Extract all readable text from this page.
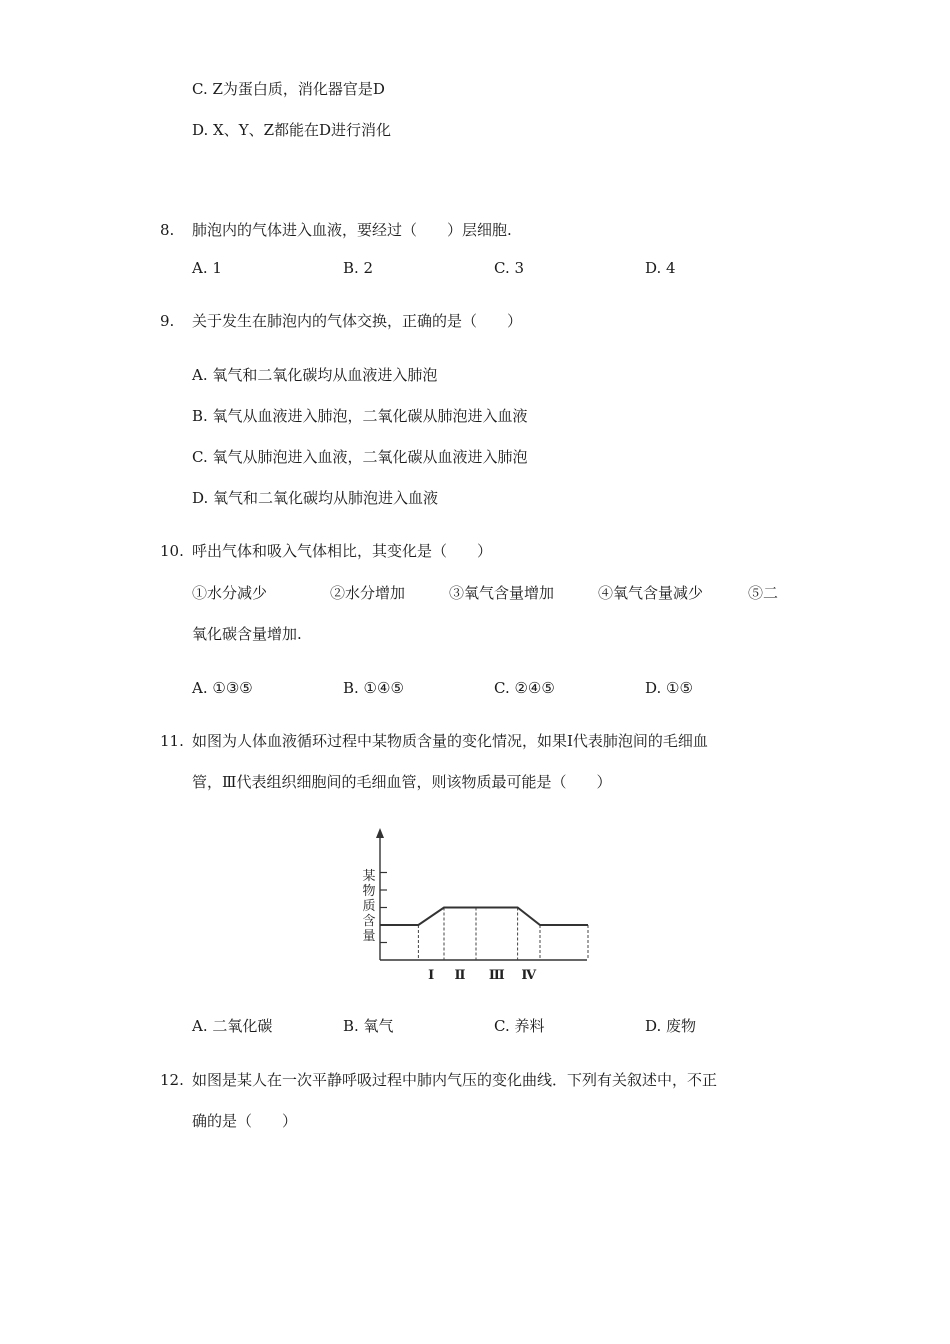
C. Z为蛋白质，消化器官是D
D. X、Y、Z都能在D进行消化
8. 肺泡内的气体进入血液，要经过（　　）层细胞.
A. 1	B. 2	C. 3	D. 4
9. 关于发生在肺泡内的气体交换，正确的是（　　）
A. 氧气和二氧化碳均从血液进入肺泡
B. 氧气从血液进入肺泡，二氧化碳从肺泡进入血液
C. 氧气从肺泡进入血液，二氧化碳从血液进入肺泡
D. 氧气和二氧化碳均从肺泡进入血液
10. 呼出气体和吸入气体相比，其变化是（　　）
①水分减少	②水分增加	③氧气含量增加	④氧气含量减少	⑤二
氧化碳含量增加.
A. ①③⑤	B. ①④⑤	C. ②④⑤	D. ①⑤
11. 如图为人体血液循环过程中某物质含量的变化情况，如果Ⅰ代表肺泡间的毛细血
管，Ⅲ代表组织细胞间的毛细血管，则该物质最可能是（　　）
某
物
质
含
量
Ⅰ Ⅱ Ⅲ Ⅳ
A. 二氧化碳	B. 氧气	C. 养料	D. 废物
12. 如图是某人在一次平静呼吸过程中肺内气压的变化曲线．下列有关叙述中，不正
确的是（　　）
